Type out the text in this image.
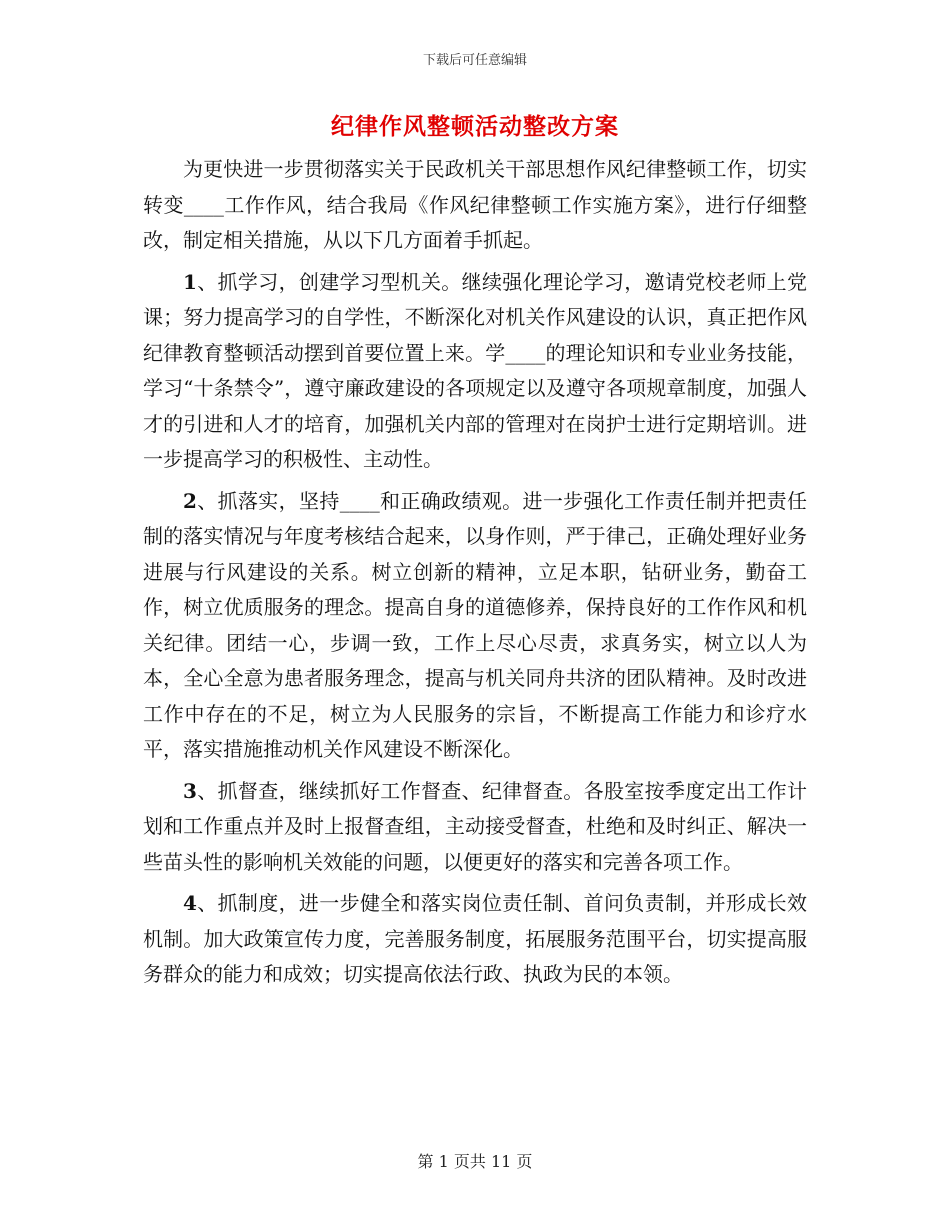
下载后可任意编辑
纪律作风整顿活动整改方案

为更快进一步贯彻落实关于民政机关干部思想作风纪律整顿工作，切实转变____工作作风，结合我局《作风纪律整顿工作实施方案》，进行仔细整改，制定相关措施，从以下几方面着手抓起。

1、抓学习，创建学习型机关。继续强化理论学习，邀请党校老师上党课；努力提高学习的自学性，不断深化对机关作风建设的认识，真正把作风纪律教育整顿活动摆到首要位置上来。学____的理论知识和专业业务技能，学习“十条禁令”，遵守廉政建设的各项规定以及遵守各项规章制度，加强人才的引进和人才的培育，加强机关内部的管理对在岗护士进行定期培训。进一步提高学习的积极性、主动性。

2、抓落实，坚持____和正确政绩观。进一步强化工作责任制并把责任制的落实情况与年度考核结合起来，以身作则，严于律己，正确处理好业务进展与行风建设的关系。树立创新的精神，立足本职，钻研业务，勤奋工作，树立优质服务的理念。提高自身的道德修养，保持良好的工作作风和机关纪律。团结一心，步调一致，工作上尽心尽责，求真务实，树立以人为本，全心全意为患者服务理念，提高与机关同舟共济的团队精神。及时改进工作中存在的不足，树立为人民服务的宗旨，不断提高工作能力和诊疗水平，落实措施推动机关作风建设不断深化。

3、抓督查，继续抓好工作督查、纪律督查。各股室按季度定出工作计划和工作重点并及时上报督查组，主动接受督查，杜绝和及时纠正、解决一些苗头性的影响机关效能的问题，以便更好的落实和完善各项工作。

4、抓制度，进一步健全和落实岗位责任制、首问负责制，并形成长效机制。加大政策宣传力度，完善服务制度，拓展服务范围平台，切实提高服务群众的能力和成效；切实提高依法行政、执政为民的本领。

第 1 页共 11 页
